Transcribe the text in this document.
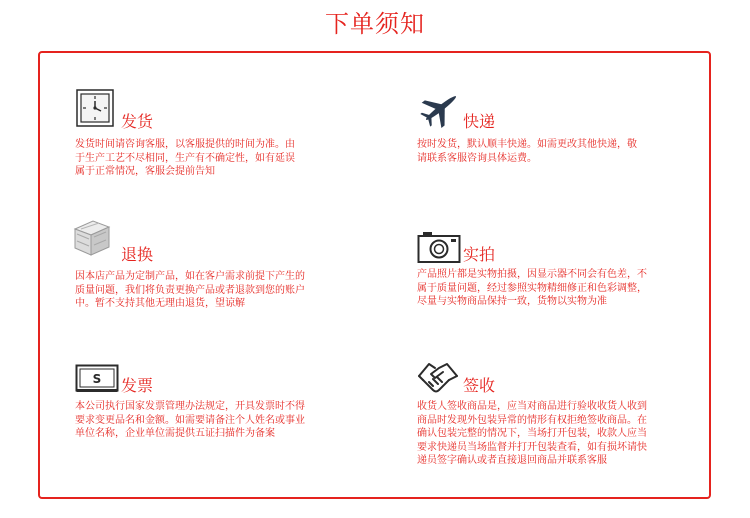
下单须知
发货

发货时间请咨询客服，以客服提供的时间为准。由于生产工艺不尽相同，生产有不确定性，如有延误属于正常情况，客服会提前告知

快递

按时发货，默认顺丰快递。如需更改其他快递，敬请联系客服咨询具体运费。

退换

因本店产品为定制产品，如在客户需求前提下产生的质量问题，我们将负责更换产品或者退款到您的账户中。暂不支持其他无理由退货，望谅解

实拍

产品照片都是实物拍摄，因显示器不同会有色差，不属于质量问题，经过参照实物精细修正和色彩调整，尽量与实物商品保持一致，货物以实物为准

S 发票

本公司执行国家发票管理办法规定，开具发票时不得要求变更品名和金额。如需要请备注个人姓名或事业单位名称，企业单位需提供五证扫描件为备案

签收

收货人签收商品是，应当对商品进行验收收货人收到商品时发现外包装异常的情形有权拒绝签收商品。在确认包装完整的情况下，当场打开包装，收款人应当要求快递员当场监督并打开包装查看，如有损坏请快递员签字确认或者直接退回商品并联系客服
